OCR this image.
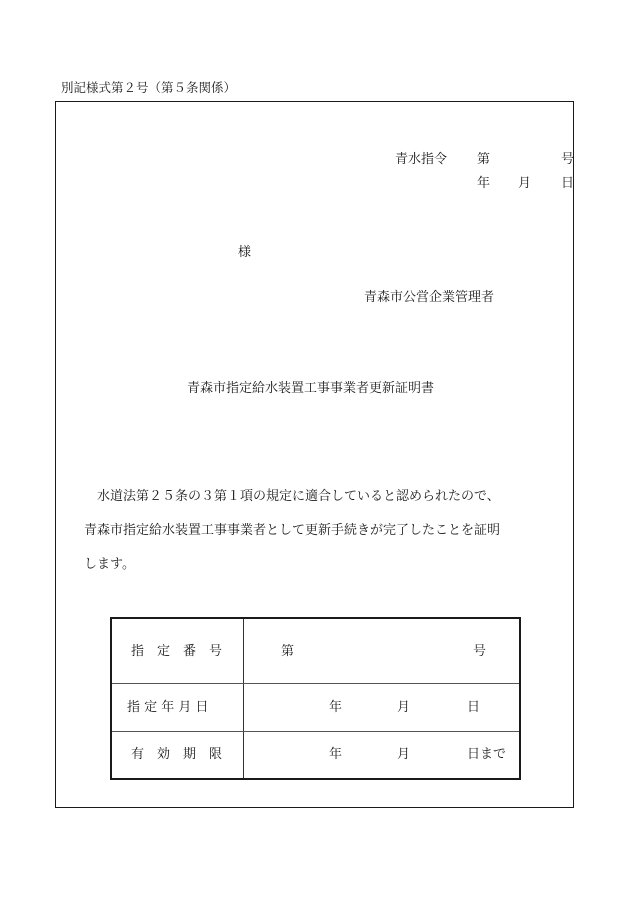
別記様式第２号（第５条関係）
青水指令 第	号
年 月 日
様
青森市公営企業管理者
青森市指定給水装置工事事業者更新証明書
水道法第２５条の３第１項の規定に適合していると認められたので、
青森市指定給水装置工事事業者として更新手続きが完了したことを証明
します。
指　定　番　号	第	号
指 定 年 月 日	年	月	日
有　効　期　限	年	月	日まで
